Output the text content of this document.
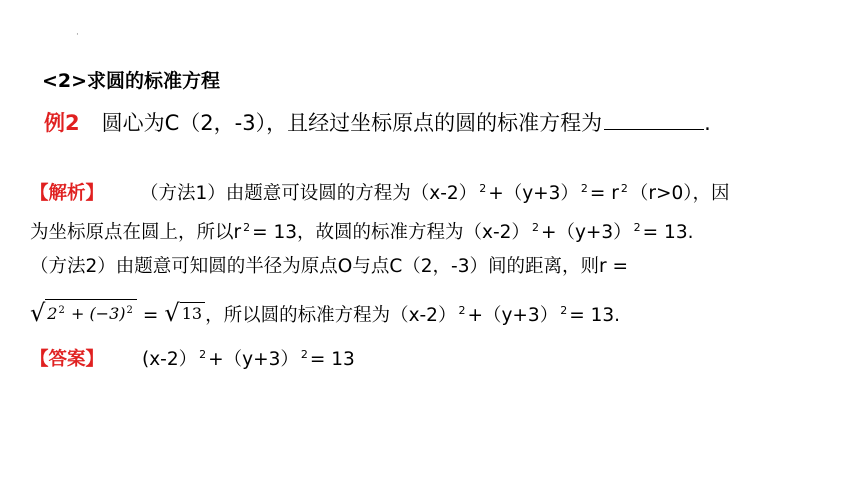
·
<2>求圆的标准方程
例2 圆心为C（2，-3），且经过坐标原点的圆的标准方程为	.
【解析】 （方法1）由题意可设圆的方程为（x-2） $^2$ +（y+3） $^2$ = r $^2$ （r>0），因
为坐标原点在圆上，所以r $^2$ = 13，故圆的标准方程为（x-2） $^2$ +（y+3） $^2$ = 13.
（方法2）由题意可知圆的半径为原点O与点C（2，-3）间的距离，则r =
√ $2^2 + (-3)^2$ = √ 13 ，所以圆的标准方程为（x-2） $^2$ +（y+3） $^2$ = 13.
【答案】 (x-2） $^2$ +（y+3） $^2$ = 13
